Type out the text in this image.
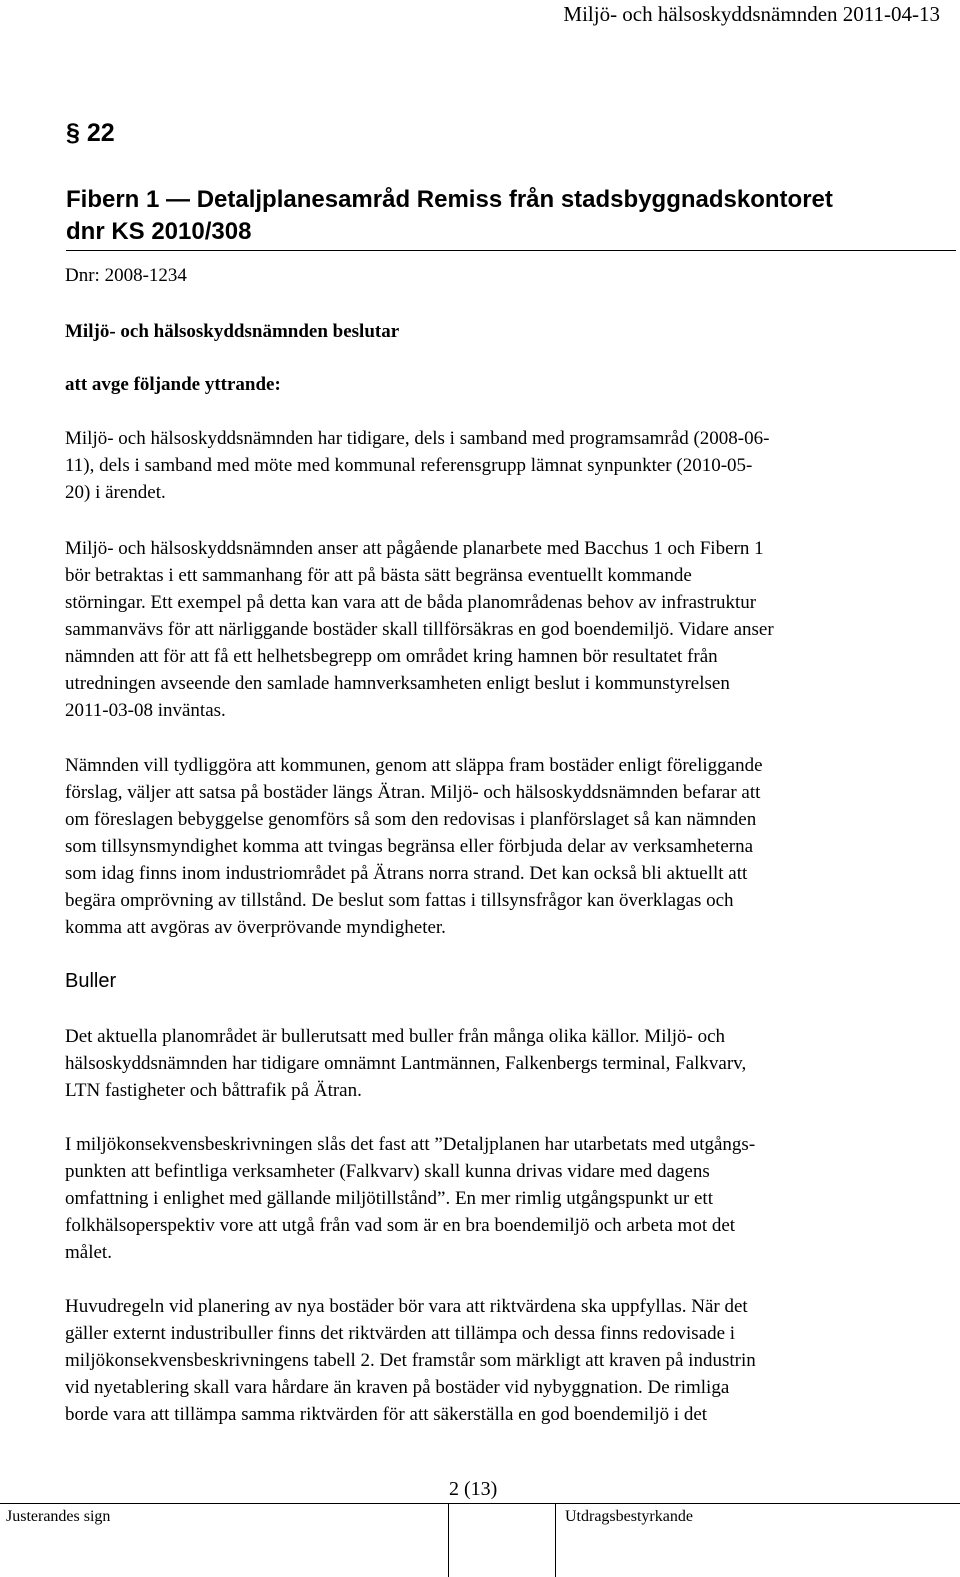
Miljö- och hälsoskyddsnämnden 2011-04-13
§ 22
Fibern 1 — Detaljplanesamråd Remiss från stadsbyggnadskontoret
dnr KS 2010/308
Dnr: 2008-1234
Miljö- och hälsoskyddsnämnden beslutar
att avge följande yttrande:

Miljö- och hälsoskyddsnämnden har tidigare, dels i samband med programsamråd (2008-06-

11), dels i samband med möte med kommunal referensgrupp lämnat synpunkter (2010-05-

20) i ärendet.

Miljö- och hälsoskyddsnämnden anser att pågående planarbete med Bacchus 1 och Fibern 1

bör betraktas i ett sammanhang för att på bästa sätt begränsa eventuellt kommande

störningar. Ett exempel på detta kan vara att de båda planområdenas behov av infrastruktur

sammanvävs för att närliggande bostäder skall tillförsäkras en god boendemiljö. Vidare anser

nämnden att för att få ett helhetsbegrepp om området kring hamnen bör resultatet från

utredningen avseende den samlade hamnverksamheten enligt beslut i kommunstyrelsen

2011-03-08 inväntas.

Nämnden vill tydliggöra att kommunen, genom att släppa fram bostäder enligt föreliggande

förslag, väljer att satsa på bostäder längs Ätran. Miljö- och hälsoskyddsnämnden befarar att

om föreslagen bebyggelse genomförs så som den redovisas i planförslaget så kan nämnden

som tillsynsmyndighet komma att tvingas begränsa eller förbjuda delar av verksamheterna

som idag finns inom industriområdet på Ätrans norra strand. Det kan också bli aktuellt att

begära omprövning av tillstånd. De beslut som fattas i tillsynsfrågor kan överklagas och

komma att avgöras av överprövande myndigheter.

Buller

Det aktuella planområdet är bullerutsatt med buller från många olika källor. Miljö- och

hälsoskyddsnämnden har tidigare omnämnt Lantmännen, Falkenbergs terminal, Falkvarv,

LTN fastigheter och båttrafik på Ätran.

I miljökonsekvensbeskrivningen slås det fast att ”Detaljplanen har utarbetats med utgångs-

punkten att befintliga verksamheter (Falkvarv) skall kunna drivas vidare med dagens

omfattning i enlighet med gällande miljötillstånd”. En mer rimlig utgångspunkt ur ett

folkhälsoperspektiv vore att utgå från vad som är en bra boendemiljö och arbeta mot det

målet.

Huvudregeln vid planering av nya bostäder bör vara att riktvärdena ska uppfyllas. När det

gäller externt industribuller finns det riktvärden att tillämpa och dessa finns redovisade i

miljökonsekvensbeskrivningens tabell 2. Det framstår som märkligt att kraven på industrin

vid nyetablering skall vara hårdare än kraven på bostäder vid nybyggnation. De rimliga

borde vara att tillämpa samma riktvärden för att säkerställa en god boendemiljö i det

2 (13)
Justerandes sign	Utdragsbestyrkande
